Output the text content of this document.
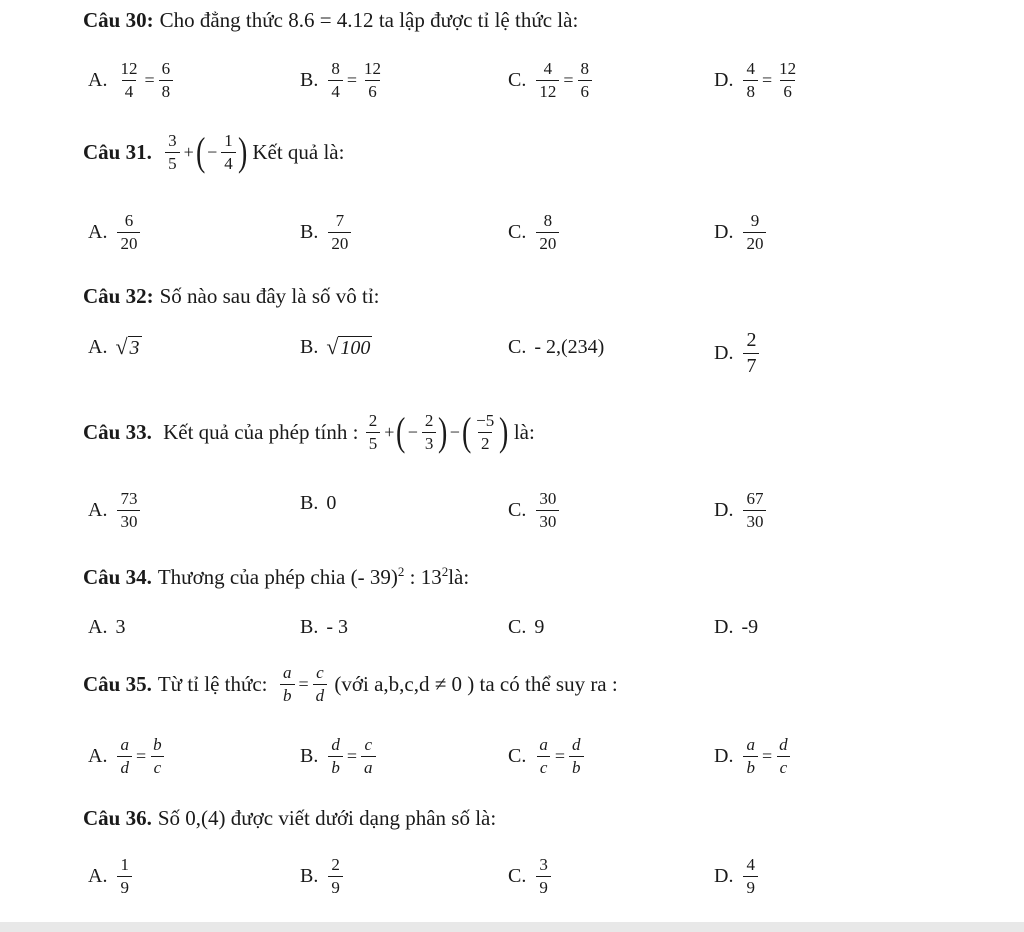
Câu 30: Cho đẳng thức
8.6 = 4.12
ta lập được tỉ lệ thức là:
A. $\frac{12}{4} = \frac{6}{8}$	B. $\frac{8}{4} = \frac{12}{6}$	C. $\frac{4}{12} = \frac{8}{6}$	D. $\frac{4}{8} = \frac{12}{6}$
Câu 31.
$\frac{3}{5}$ + ( − $\frac{1}{4}$ )
Kết quả là:
A. $\frac{6}{20}$	B. $\frac{7}{20}$	C. $\frac{8}{20}$	D. $\frac{9}{20}$
Câu 32: Số nào sau đây là số vô tỉ:
A. √ 3	B. √ 100	C. - 2,(234)	D. $\frac{2}{7}$
Câu 33.
Kết quả của phép tính :
$\frac{2}{5}$ + ( − $\frac{2}{3}$ ) − ( $\frac{-5}{2}$ )
là:
A. $\frac{73}{30}$	B. 0	C. $\frac{30}{30}$	D. $\frac{67}{30}$
Câu 34. Thương của phép chia
(- 39)$^2$ : $13^2$ là:
A. 3	B. - 3	C. 9	D. -9
Câu 35. Từ tỉ lệ thức:
$\frac{a}{b} = \frac{c}{d}$
(với a,b,c,d ≠ 0 ) ta có thể suy ra :
A. $\frac{a}{d} = \frac{b}{c}$	B. $\frac{d}{b} = \frac{c}{a}$	C. $\frac{a}{c} = \frac{d}{b}$	D. $\frac{a}{b} = \frac{d}{c}$
Câu 36. Số 0,(4) được viết dưới dạng phân số là:
A. $\frac{1}{9}$	B. $\frac{2}{9}$	C. $\frac{3}{9}$	D. $\frac{4}{9}$
